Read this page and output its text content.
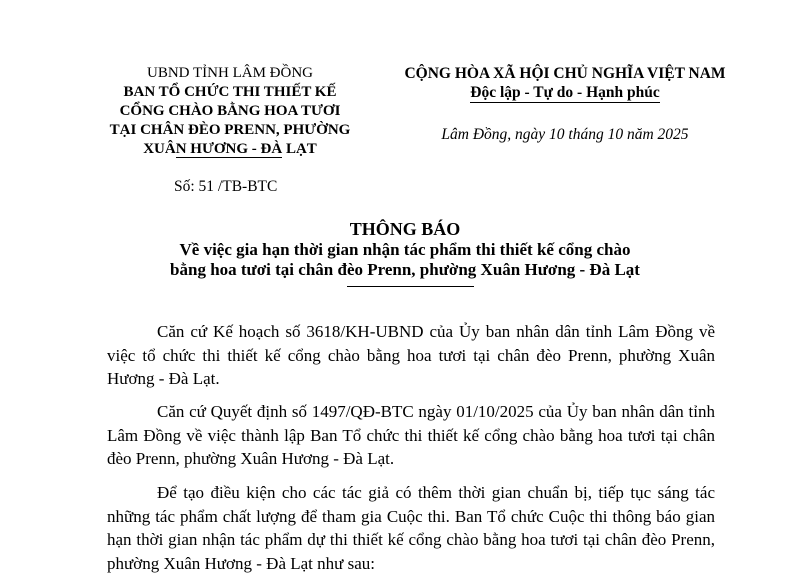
UBND TỈNH LÂM ĐỒNG
BAN TỔ CHỨC THI THIẾT KẾ
CỔNG CHÀO BẰNG HOA TƯƠI
TẠI CHÂN ĐÈO PRENN, PHƯỜNG
XUÂN HƯƠNG - ĐÀ LẠT
CỘNG HÒA XÃ HỘI CHỦ NGHĨA VIỆT NAM
Độc lập - Tự do - Hạnh phúc
Lâm Đồng, ngày 10 tháng 10 năm 2025
Số: 51 /TB-BTC
THÔNG BÁO
Về việc gia hạn thời gian nhận tác phẩm thi thiết kế cổng chào
bằng hoa tươi tại chân đèo Prenn, phường Xuân Hương - Đà Lạt
Căn cứ Kế hoạch số 3618/KH-UBND của Ủy ban nhân dân tỉnh Lâm Đồng về việc tổ chức thi thiết kế cổng chào bằng hoa tươi tại chân đèo Prenn, phường Xuân Hương - Đà Lạt.
Căn cứ Quyết định số 1497/QĐ-BTC ngày 01/10/2025 của Ủy ban nhân dân tỉnh Lâm Đồng về việc thành lập Ban Tổ chức thi thiết kế cổng chào bằng hoa tươi tại chân đèo Prenn, phường Xuân Hương - Đà Lạt.
Để tạo điều kiện cho các tác giả có thêm thời gian chuẩn bị, tiếp tục sáng tác những tác phẩm chất lượng để tham gia Cuộc thi. Ban Tổ chức Cuộc thi thông báo gian hạn thời gian nhận tác phẩm dự thi thiết kế cổng chào bằng hoa tươi tại chân đèo Prenn, phường Xuân Hương - Đà Lạt như sau:
